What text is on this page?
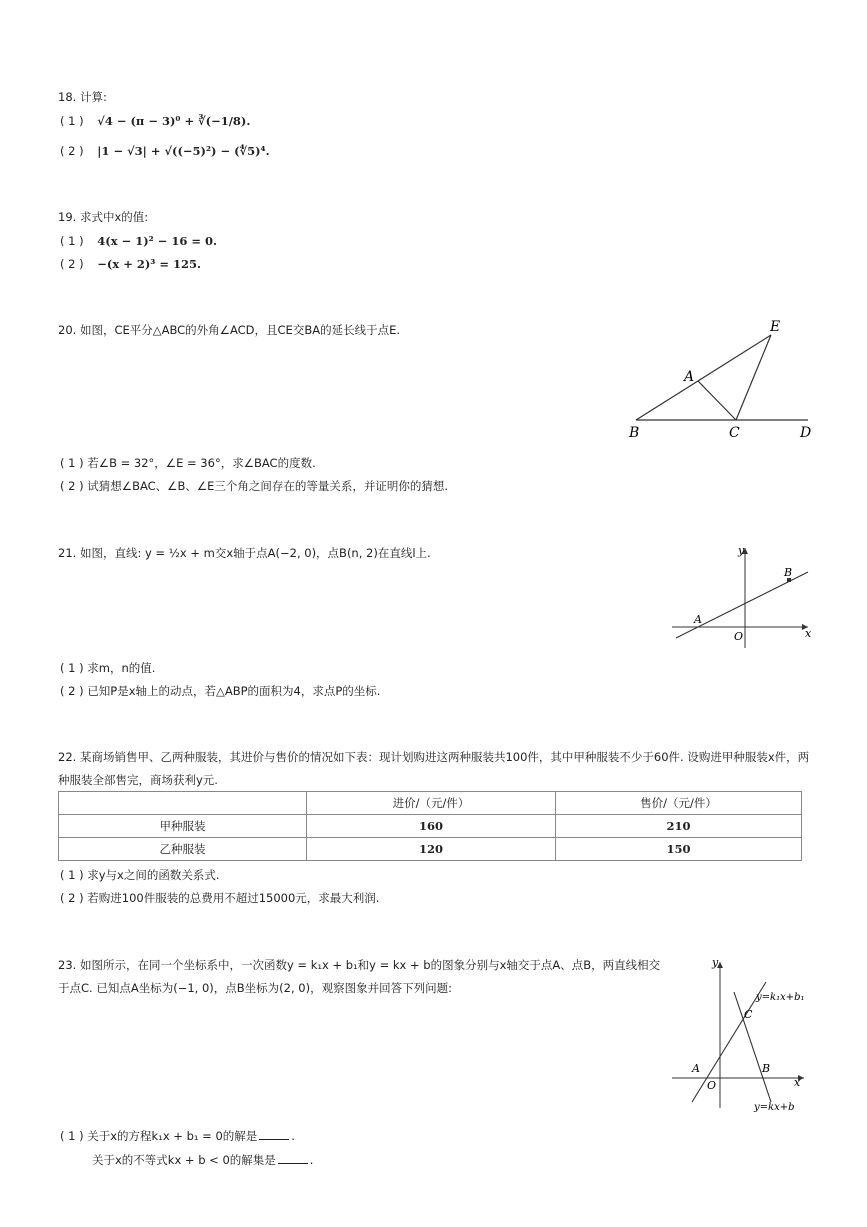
18. 计算:
( 1 ) √4 − (π − 3)⁰ + ∛(−1/8).
( 2 ) |1 − √3| + √((−5)²) − (∜5)⁴.
19. 求式中x的值:
( 1 ) 4(x − 1)² − 16 = 0.
( 2 ) −(x + 2)³ = 125.
20. 如图，CE平分△ABC的外角∠ACD，且CE交BA的延长线于点E.	E
A
B	C	D
( 1 ) 若∠B = 32°，∠E = 36°，求∠BAC的度数.
( 2 ) 试猜想∠BAC、∠B、∠E三个角之间存在的等量关系，并证明你的猜想.
21. 如图，直线: y = ½x + m交x轴于点A(−2, 0)，点B(n, 2)在直线l上.	y
x
O
A
B
( 1 ) 求m，n的值.
( 2 ) 已知P是x轴上的动点，若△ABP的面积为4，求点P的坐标.
22. 某商场销售甲、乙两种服装，其进价与售价的情况如下表：现计划购进这两种服装共100件，其中甲种服装不少于60件. 设购进甲种服装x件，两
种服装全部售完，商场获利y元.
	进价/（元/件）	售价/（元/件）
甲种服装	160	210
乙种服装	120	150
( 1 ) 求y与x之间的函数关系式.
( 2 ) 若购进100件服装的总费用不超过15000元，求最大利润.
23. 如图所示，在同一个坐标系中，一次函数y = k₁x + b₁和y = kx + b的图象分别与x轴交于点A、点B，两直线相交
于点C. 已知点A坐标为(−1, 0)，点B坐标为(2, 0)，观察图象并回答下列问题:
y
x
O
A	B
C
y=k₁x+b₁
y=kx+b
( 1 ) 关于x的方程k₁x + b₁ = 0的解是	.
关于x的不等式kx + b < 0的解集是	.
